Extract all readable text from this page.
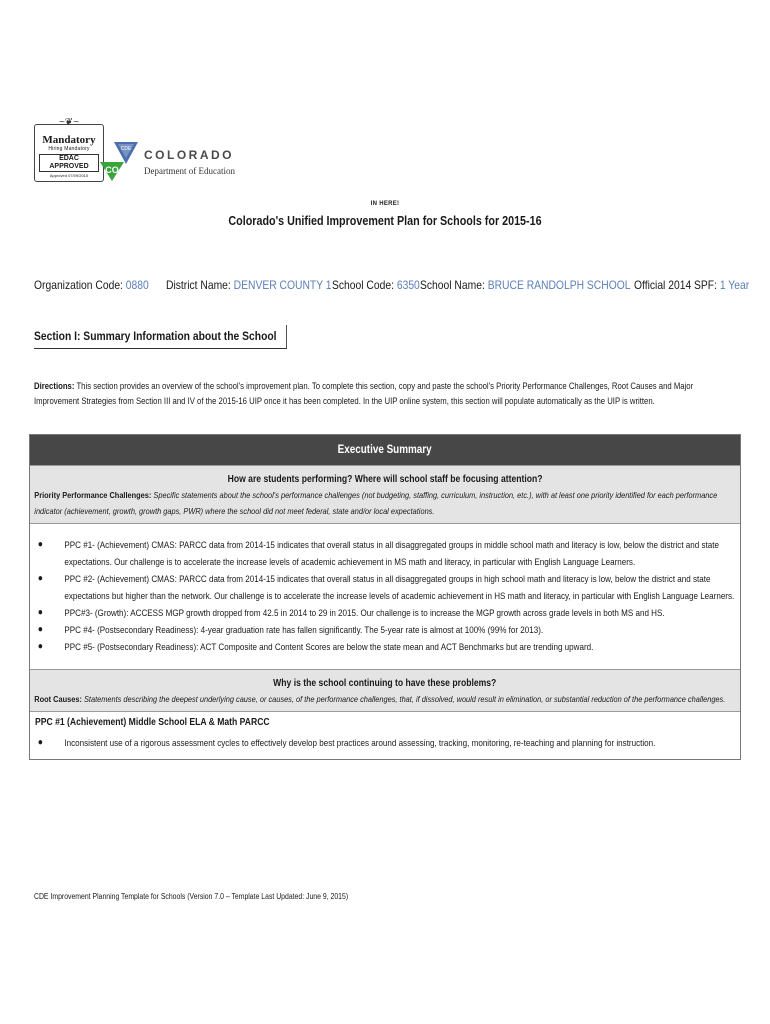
~❦~
Mandatory
Hiring Mandatory
EDAC APPROVED
Approved 07/09/2015
CDE
CO
COLORADO
Department of Education
IN HERE!
Colorado's Unified Improvement Plan for Schools for 2015-16
Organization Code: 0880 District Name: DENVER COUNTY 1 School Code: 6350 School Name: BRUCE RANDOLPH SCHOOL Official 2014 SPF: 1 Year
Section I: Summary Information about the School
Directions: This section provides an overview of the school's improvement plan. To complete this section, copy and paste the school's Priority Performance Challenges, Root Causes and Major Improvement Strategies from Section III and IV of the 2015-16 UIP once it has been completed. In the UIP online system, this section will populate automatically as the UIP is written.
Executive Summary
How are students performing? Where will school staff be focusing attention?
Priority Performance Challenges: Specific statements about the school's performance challenges (not budgeting, staffing, curriculum, instruction, etc.), with at least one priority identified for each performance indicator (achievement, growth, growth gaps, PWR) where the school did not meet federal, state and/or local expectations.
● PPC #1- (Achievement) CMAS: PARCC data from 2014-15 indicates that overall status in all disaggregated groups in middle school math and literacy is low, below the district and state expectations. Our challenge is to accelerate the increase levels of academic achievement in MS math and literacy, in particular with English Language Learners.
● PPC #2- (Achievement) CMAS: PARCC data from 2014-15 indicates that overall status in all disaggregated groups in high school math and literacy is low, below the district and state expectations but higher than the network. Our challenge is to accelerate the increase levels of academic achievement in HS math and literacy, in particular with English Language Learners.
● PPC#3- (Growth): ACCESS MGP growth dropped from 42.5 in 2014 to 29 in 2015. Our challenge is to increase the MGP growth across grade levels in both MS and HS.
● PPC #4- (Postsecondary Readiness): 4-year graduation rate has fallen significantly. The 5-year rate is almost at 100% (99% for 2013).
● PPC #5- (Postsecondary Readiness): ACT Composite and Content Scores are below the state mean and ACT Benchmarks but are trending upward.
Why is the school continuing to have these problems?
Root Causes: Statements describing the deepest underlying cause, or causes, of the performance challenges, that, if dissolved, would result in elimination, or substantial reduction of the performance challenges.
PPC #1 (Achievement) Middle School ELA & Math PARCC
● Inconsistent use of a rigorous assessment cycles to effectively develop best practices around assessing, tracking, monitoring, re-teaching and planning for instruction.
CDE Improvement Planning Template for Schools (Version 7.0 – Template Last Updated: June 9, 2015)
